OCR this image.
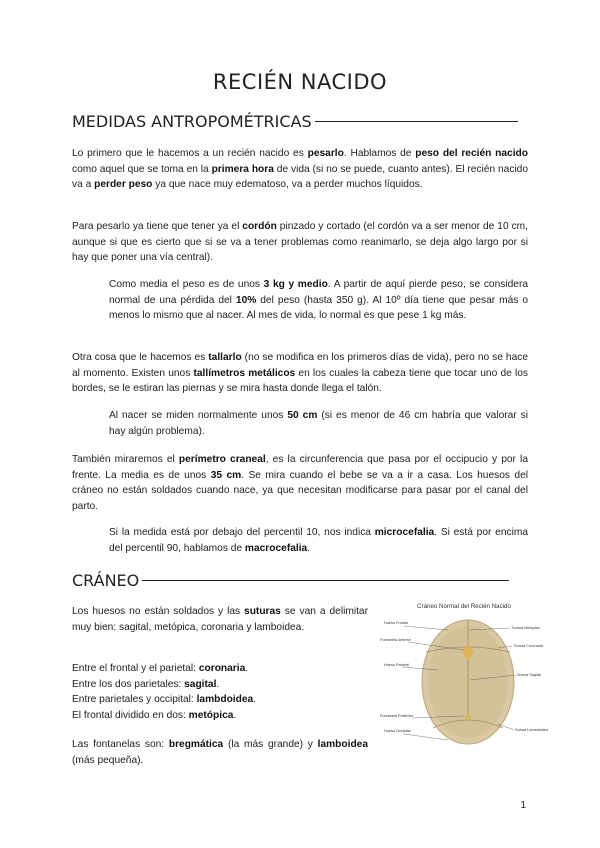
RECIÉN NACIDO
MEDIDAS ANTROPOMÉTRICAS

Lo primero que le hacemos a un recién nacido es pesarlo. Hablamos de peso del recién nacido como aquel que se toma en la primera hora de vida (si no se puede, cuanto antes). El recién nacido va a perder peso ya que nace muy edematoso, va a perder muchos líquidos.

Para pesarlo ya tiene que tener ya el cordón pinzado y cortado (el cordón va a ser menor de 10 cm, aunque si que es cierto que si se va a tener problemas como reanimarlo, se deja algo largo por si hay que poner una vía central).

Como media el peso es de unos 3 kg y medio. A partir de aquí pierde peso, se considera normal de una pérdida del 10% del peso (hasta 350 g). Al 10º día tiene que pesar más o menos lo mismo que al nacer. Al mes de vida, lo normal es que pese 1 kg más.

Otra cosa que le hacemos es tallarlo (no se modifica en los primeros días de vida), pero no se hace al momento. Existen unos tallímetros metálicos en los cuales la cabeza tiene que tocar uno de los bordes, se le estiran las piernas y se mira hasta donde llega el talón.

Al nacer se miden normalmente unos 50 cm (si es menor de 46 cm habría que valorar si hay algún problema).

También miraremos el perímetro craneal, es la circunferencia que pasa por el occipucio y por la frente. La media es de unos 35 cm. Se mira cuando el bebe se va a ir a casa. Los huesos del cráneo no están soldados cuando nace, ya que necesitan modificarse para pasar por el canal del parto.

Si la medida está por debajo del percentil 10, nos indica microcefalia. Si está por encima del percentil 90, hablamos de macrocefalia.

CRÁNEO

Los huesos no están soldados y las suturas se van a delimitar muy bien: sagital, metópica, coronaria y lamboidea.

Entre el frontal y el parietal: coronaria.
Entre los dos parietales: sagital.
Entre parietales y occipital: lambdoidea.
El frontal dividido en dos: metópica.

Las fontanelas son: bregmática (la más grande) y lamboidea (más pequeña).

Cráneo Normal del Recién Nacido
Hueso Frontal
Fontanela Anterior
Hueso Parietal
Fontanela Posterior
Hueso Occipital
Sutura Metópica
Sutura Coronaria
Sutura Sagital
Sutura Lambdoidea
1
